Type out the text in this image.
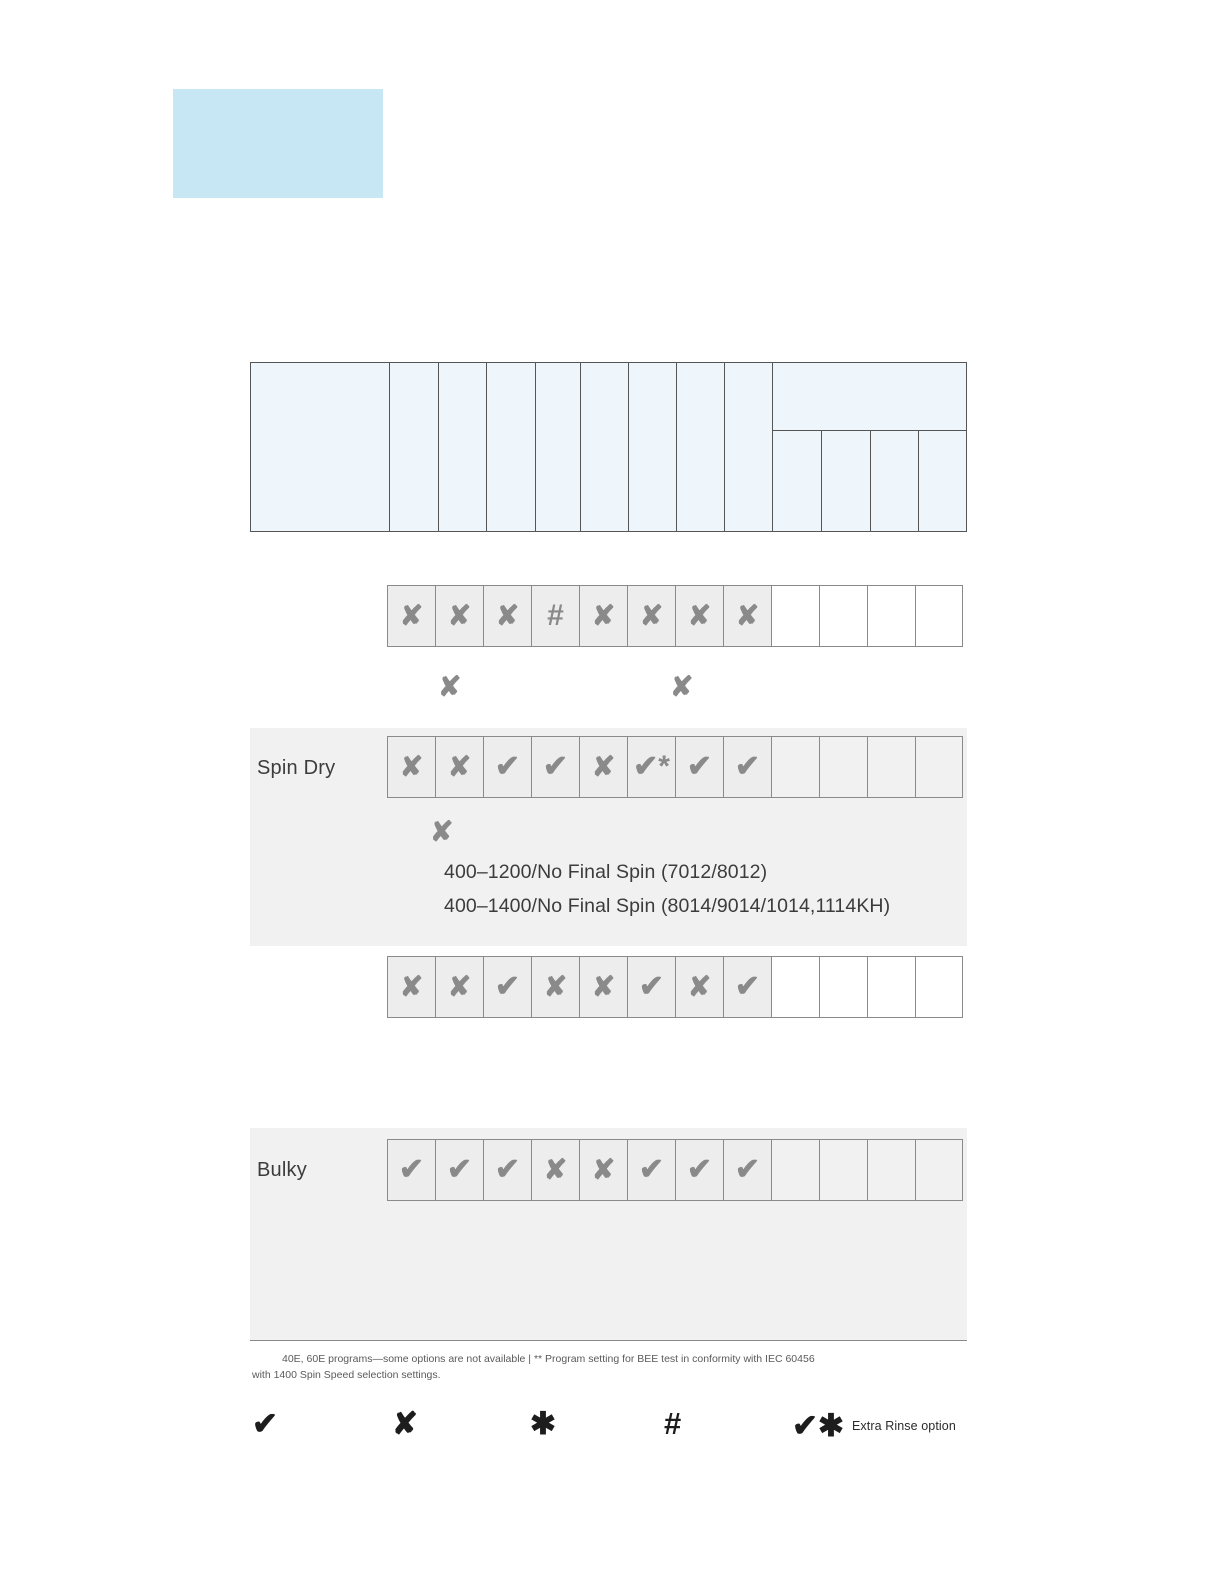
✘ ✘ ✘ # ✘ ✘ ✘ ✘
✘	✘
Spin Dry ✘ ✘ ✔ ✔ ✘ ✔* ✔ ✔
✘
400–1200/No Final Spin (7012/8012)
400–1400/No Final Spin (8014/9014/1014,1114KH)
✘ ✘ ✔ ✘ ✘ ✔ ✘ ✔
Bulky	✔ ✔ ✔ ✘ ✘ ✔ ✔ ✔
40E, 60E programs—some options are not available | ** Program setting for BEE test in conformity with IEC 60456
with 1400 Spin Speed selection settings.
✔	✘	✱	#	✔✱ Extra Rinse option
